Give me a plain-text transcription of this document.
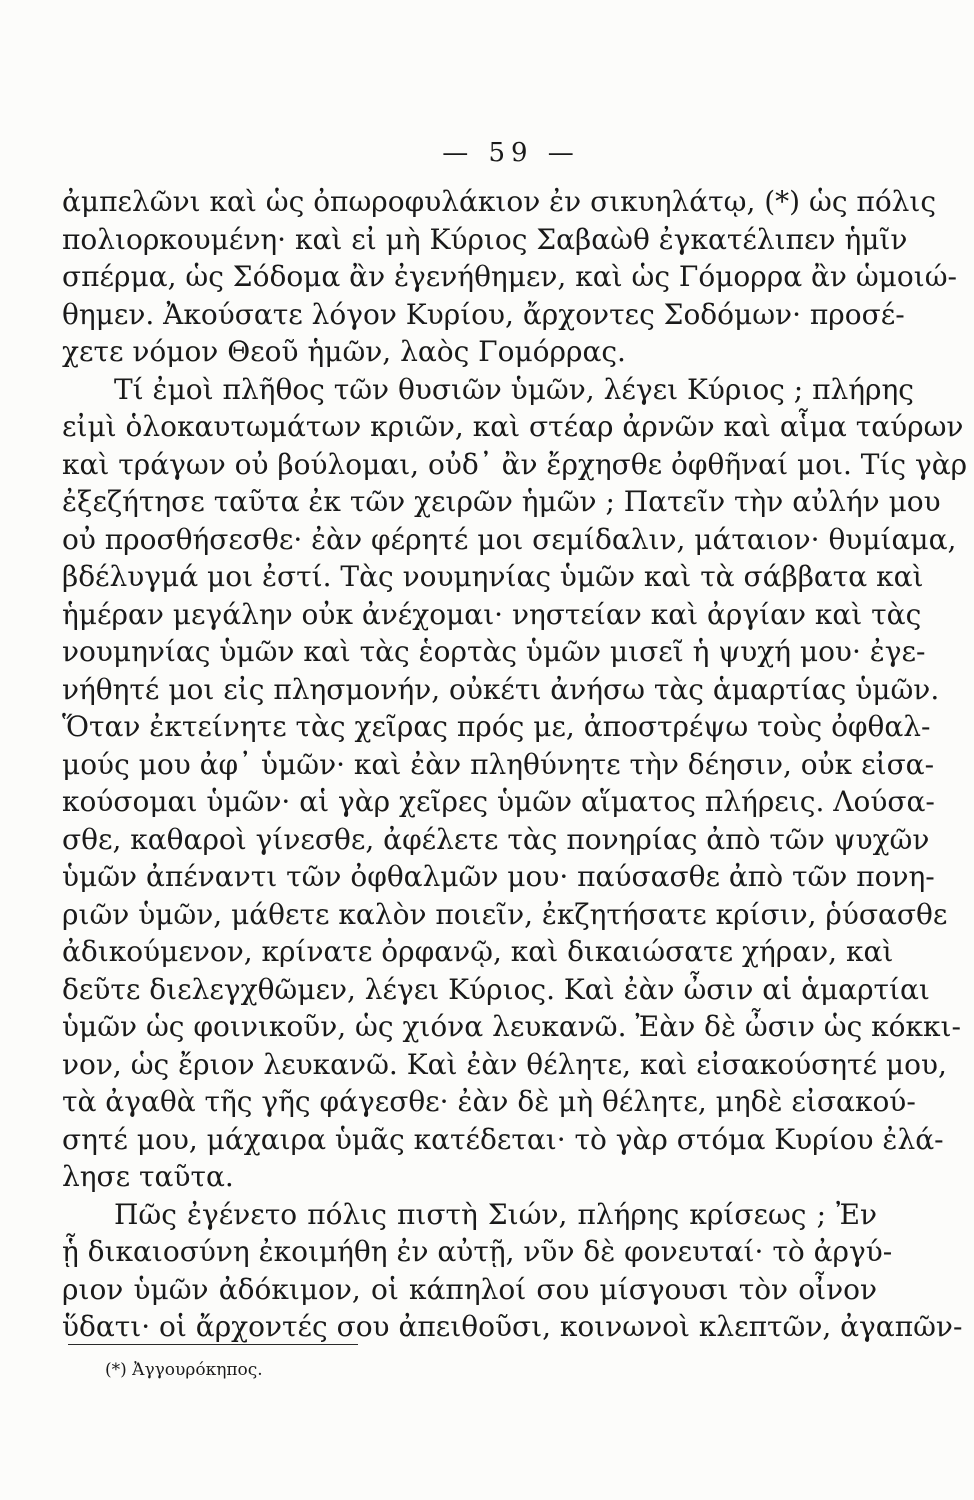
— 59 —
ἀμπελῶνι καὶ ὡς ὀπωροφυλάκιον ἐν σικυηλάτῳ, (*) ὡς πόλις
πολιορκουμένη· καὶ εἰ μὴ Κύριος Σαβαὼθ ἐγκατέλιπεν ἡμῖν
σπέρμα, ὡς Σόδομα ἂν ἐγενήθημεν, καὶ ὡς Γόμορρα ἂν ὡμοιώ-
θημεν. Ἀκούσατε λόγον Κυρίου, ἄρχοντες Σοδόμων· προσέ-
χετε νόμον Θεοῦ ἡμῶν, λαὸς Γομόρρας.
Τί ἐμοὶ πλῆθος τῶν θυσιῶν ὑμῶν, λέγει Κύριος ; πλήρης
εἰμὶ ὁλοκαυτωμάτων κριῶν, καὶ στέαρ ἀρνῶν καὶ αἷμα ταύρων
καὶ τράγων οὐ βούλομαι, οὐδ᾽ ἂν ἔρχησθε ὀφθῆναί μοι. Τίς γὰρ
ἐξεζήτησε ταῦτα ἐκ τῶν χειρῶν ἡμῶν ; Πατεῖν τὴν αὐλήν μου
οὐ προσθήσεσθε· ἐὰν φέρητέ μοι σεμίδαλιν, μάταιον· θυμίαμα,
βδέλυγμά μοι ἐστί. Τὰς νουμηνίας ὑμῶν καὶ τὰ σάββατα καὶ
ἡμέραν μεγάλην οὐκ ἀνέχομαι· νηστείαν καὶ ἀργίαν καὶ τὰς
νουμηνίας ὑμῶν καὶ τὰς ἑορτὰς ὑμῶν μισεῖ ἡ ψυχή μου· ἐγε-
νήθητέ μοι εἰς πλησμονήν, οὐκέτι ἀνήσω τὰς ἁμαρτίας ὑμῶν.
Ὅταν ἐκτείνητε τὰς χεῖρας πρός με, ἀποστρέψω τοὺς ὀφθαλ-
μούς μου ἀφ᾽ ὑμῶν· καὶ ἐὰν πληθύνητε τὴν δέησιν, οὐκ εἰσα-
κούσομαι ὑμῶν· αἱ γὰρ χεῖρες ὑμῶν αἵματος πλήρεις. Λούσα-
σθε, καθαροὶ γίνεσθε, ἀφέλετε τὰς πονηρίας ἀπὸ τῶν ψυχῶν
ὑμῶν ἀπέναντι τῶν ὀφθαλμῶν μου· παύσασθε ἀπὸ τῶν πονη-
ριῶν ὑμῶν, μάθετε καλὸν ποιεῖν, ἐκζητήσατε κρίσιν, ῥύσασθε
ἀδικούμενον, κρίνατε ὀρφανῷ, καὶ δικαιώσατε χήραν, καὶ
δεῦτε διελεγχθῶμεν, λέγει Κύριος. Καὶ ἐὰν ὦσιν αἱ ἁμαρτίαι
ὑμῶν ὡς φοινικοῦν, ὡς χιόνα λευκανῶ. Ἐὰν δὲ ὦσιν ὡς κόκκι-
νον, ὡς ἔριον λευκανῶ. Καὶ ἐὰν θέλητε, καὶ εἰσακούσητέ μου,
τὰ ἀγαθὰ τῆς γῆς φάγεσθε· ἐὰν δὲ μὴ θέλητε, μηδὲ εἰσακού-
σητέ μου, μάχαιρα ὑμᾶς κατέδεται· τὸ γὰρ στόμα Κυρίου ἐλά-
λησε ταῦτα.
Πῶς ἐγένετο πόλις πιστὴ Σιών, πλήρης κρίσεως ; Ἐν
ᾗ δικαιοσύνη ἐκοιμήθη ἐν αὐτῇ, νῦν δὲ φονευταί· τὸ ἀργύ-
ριον ὑμῶν ἀδόκιμον, οἱ κάπηλοί σου μίσγουσι τὸν οἶνον
ὕδατι· οἱ ἄρχοντές σου ἀπειθοῦσι, κοινωνοὶ κλεπτῶν, ἀγαπῶν-
(*) Ἀγγουρόκηπος.
